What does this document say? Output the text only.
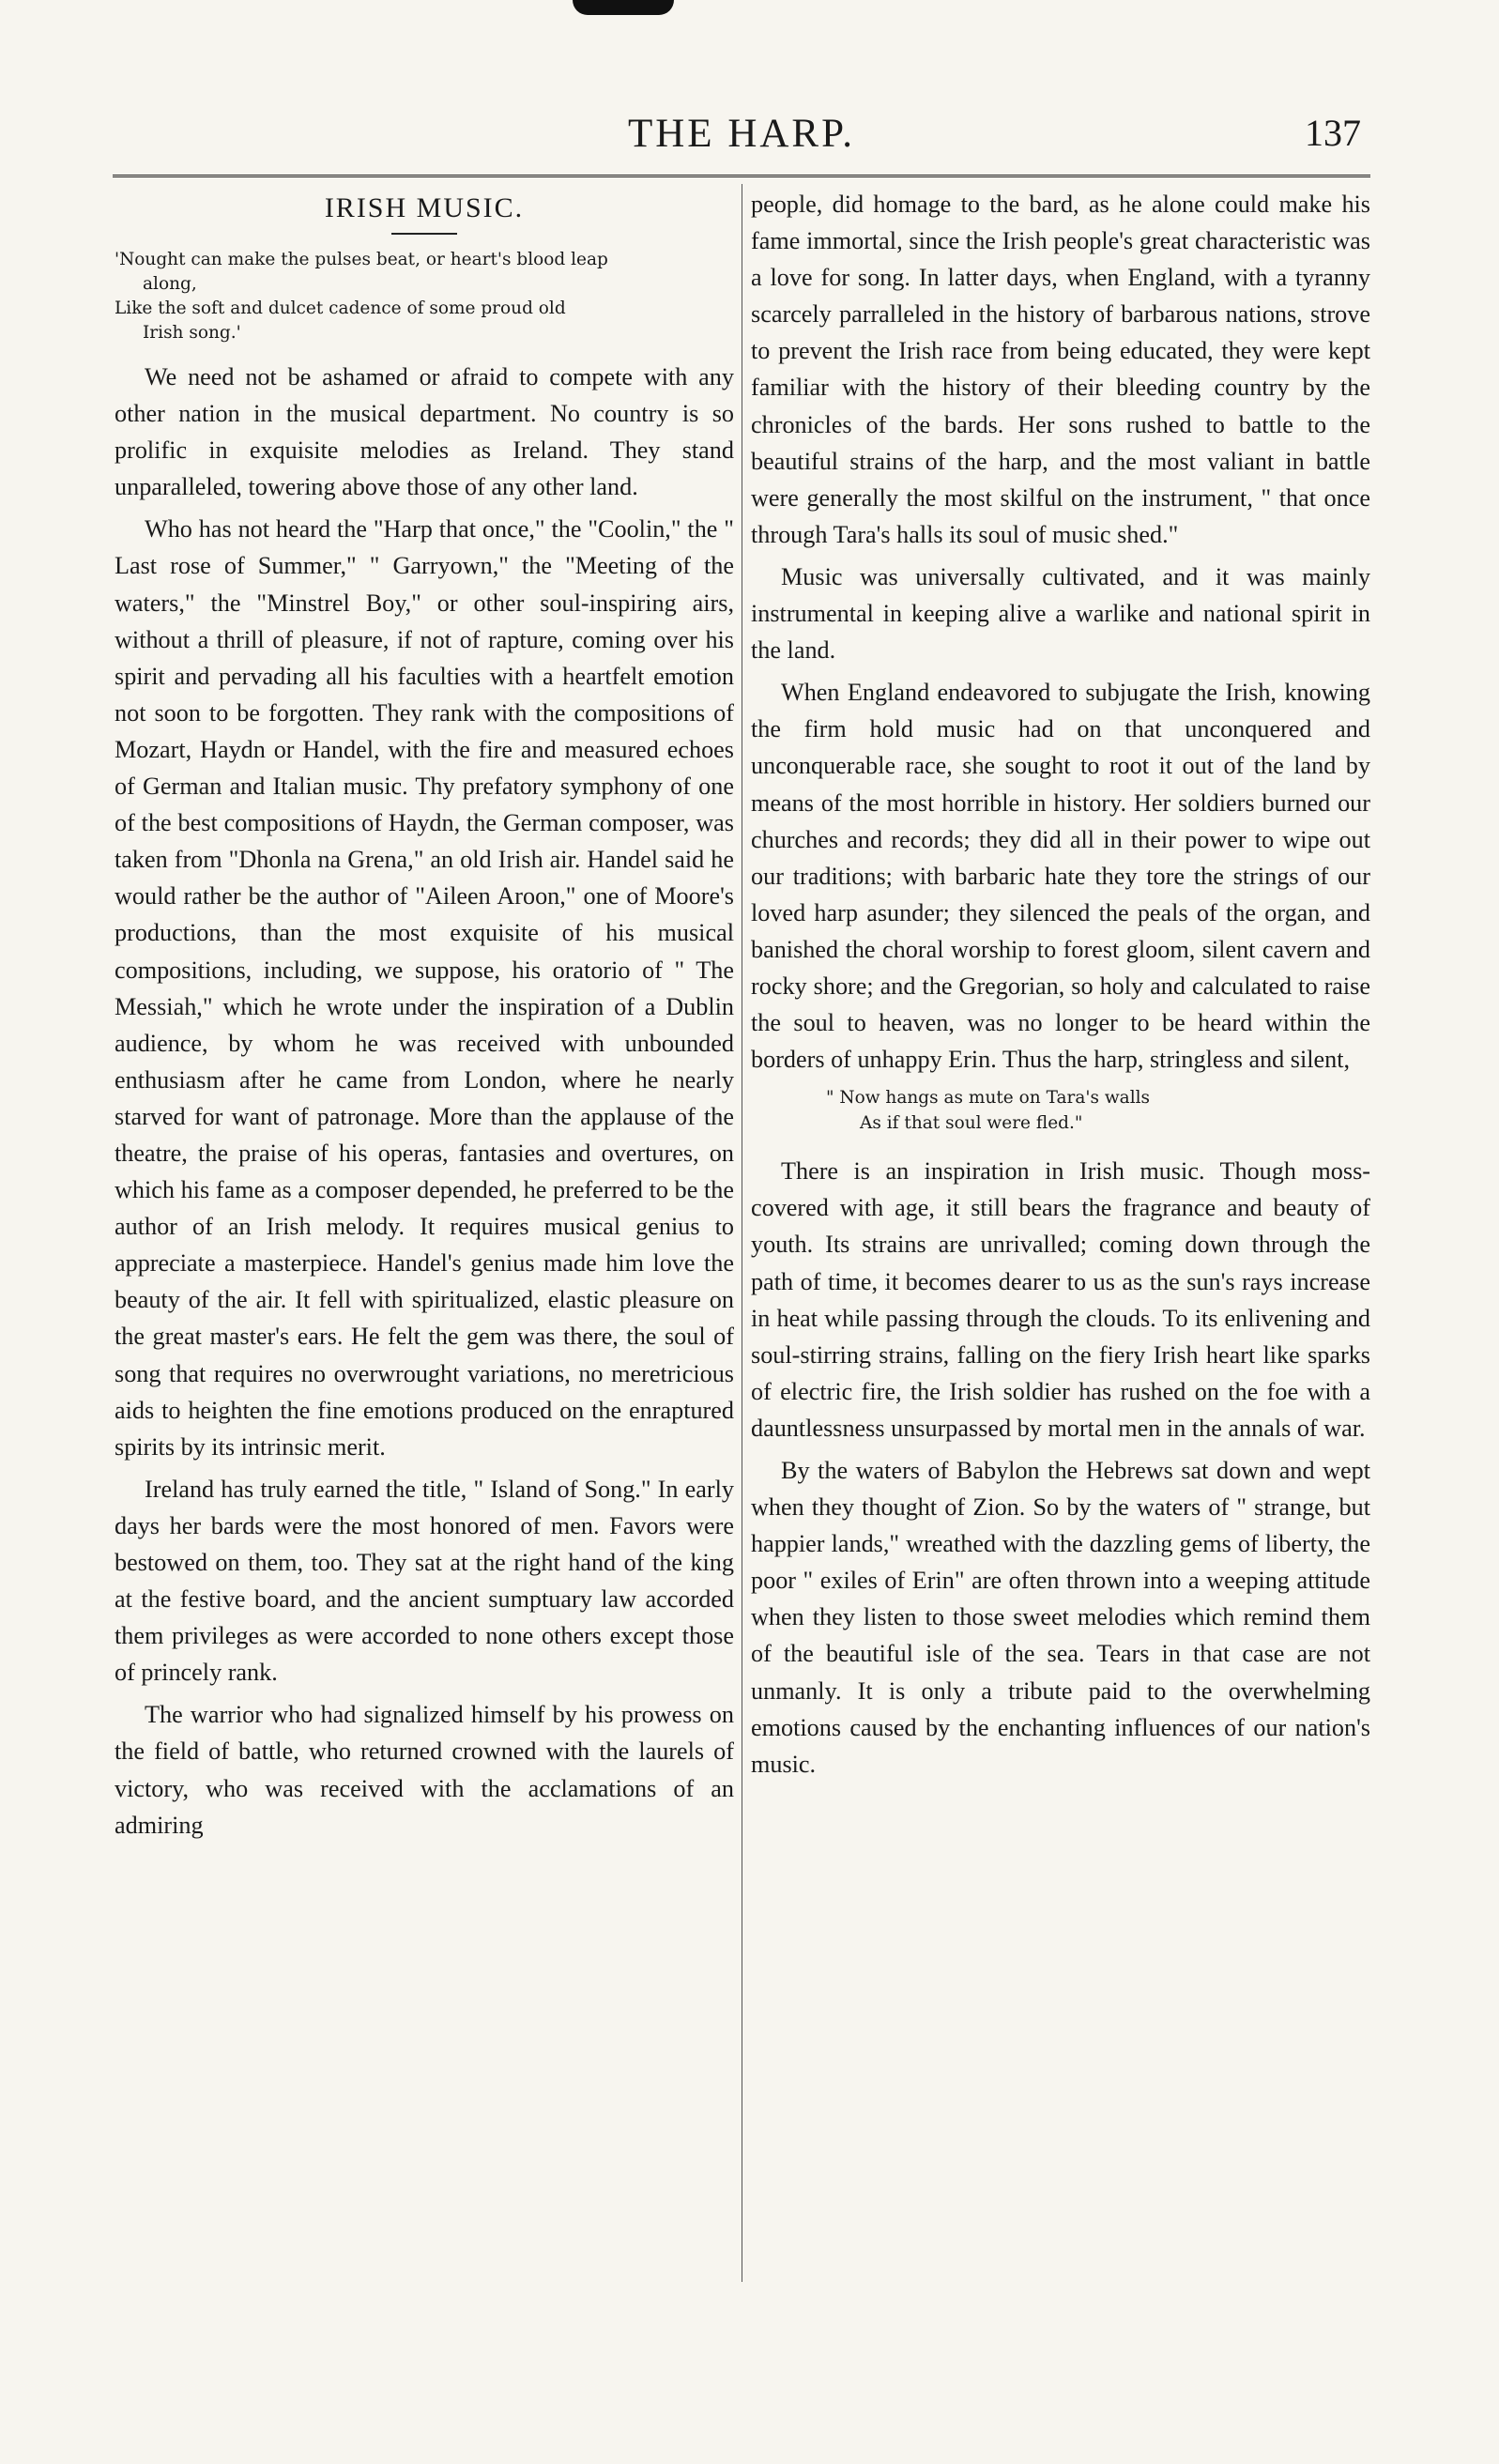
THE HARP.	137
IRISH MUSIC.
'Nought can make the pulses beat, or heart's blood leap
along,
Like the soft and dulcet cadence of some proud old
Irish song.'

We need not be ashamed or afraid to compete with any other nation in the musical department. No country is so prolific in exquisite melodies as Ireland. They stand unparalleled, towering above those of any other land.

Who has not heard the "Harp that once," the "Coolin," the " Last rose of Summer," " Garryown," the "Meeting of the waters," the "Minstrel Boy," or other soul-inspiring airs, without a thrill of pleasure, if not of rapture, coming over his spirit and pervading all his faculties with a heartfelt emotion not soon to be forgotten. They rank with the compositions of Mozart, Haydn or Handel, with the fire and measured echoes of German and Italian music. Thy prefatory symphony of one of the best compositions of Haydn, the German composer, was taken from "Dhonla na Grena," an old Irish air. Handel said he would rather be the author of "Aileen Aroon," one of Moore's productions, than the most exquisite of his musical compositions, including, we suppose, his oratorio of " The Messiah," which he wrote under the inspiration of a Dublin audience, by whom he was received with unbounded enthusiasm after he came from London, where he nearly starved for want of patronage. More than the applause of the theatre, the praise of his operas, fantasies and overtures, on which his fame as a composer depended, he preferred to be the author of an Irish melody. It requires musical genius to appreciate a masterpiece. Handel's genius made him love the beauty of the air. It fell with spiritualized, elastic pleasure on the great master's ears. He felt the gem was there, the soul of song that requires no overwrought variations, no meretricious aids to heighten the fine emotions produced on the enraptured spirits by its intrinsic merit.

Ireland has truly earned the title, " Island of Song." In early days her bards were the most honored of men. Favors were bestowed on them, too. They sat at the right hand of the king at the festive board, and the ancient sumptuary law accorded them privileges as were accorded to none others except those of princely rank.

The warrior who had signalized himself by his prowess on the field of battle, who returned crowned with the laurels of victory, who was received with the acclamations of an admiring

people, did homage to the bard, as he alone could make his fame immortal, since the Irish people's great characteristic was a love for song. In latter days, when England, with a tyranny scarcely parralleled in the history of barbarous nations, strove to prevent the Irish race from being educated, they were kept familiar with the history of their bleeding country by the chronicles of the bards. Her sons rushed to battle to the beautiful strains of the harp, and the most valiant in battle were generally the most skilful on the instrument, " that once through Tara's halls its soul of music shed."

Music was universally cultivated, and it was mainly instrumental in keeping alive a warlike and national spirit in the land.

When England endeavored to subjugate the Irish, knowing the firm hold music had on that unconquered and unconquerable race, she sought to root it out of the land by means of the most horrible in history. Her soldiers burned our churches and records; they did all in their power to wipe out our traditions; with barbaric hate they tore the strings of our loved harp asunder; they silenced the peals of the organ, and banished the choral worship to forest gloom, silent cavern and rocky shore; and the Gregorian, so holy and calculated to raise the soul to heaven, was no longer to be heard within the borders of unhappy Erin. Thus the harp, stringless and silent,

" Now hangs as mute on Tara's walls
As if that soul were fled."

There is an inspiration in Irish music. Though moss-covered with age, it still bears the fragrance and beauty of youth. Its strains are unrivalled; coming down through the path of time, it becomes dearer to us as the sun's rays increase in heat while passing through the clouds. To its enlivening and soul-stirring strains, falling on the fiery Irish heart like sparks of electric fire, the Irish soldier has rushed on the foe with a dauntlessness unsurpassed by mortal men in the annals of war.

By the waters of Babylon the Hebrews sat down and wept when they thought of Zion. So by the waters of " strange, but happier lands," wreathed with the dazzling gems of liberty, the poor " exiles of Erin" are often thrown into a weeping attitude when they listen to those sweet melodies which remind them of the beautiful isle of the sea. Tears in that case are not unmanly. It is only a tribute paid to the overwhelming emotions caused by the enchanting influences of our nation's music.
